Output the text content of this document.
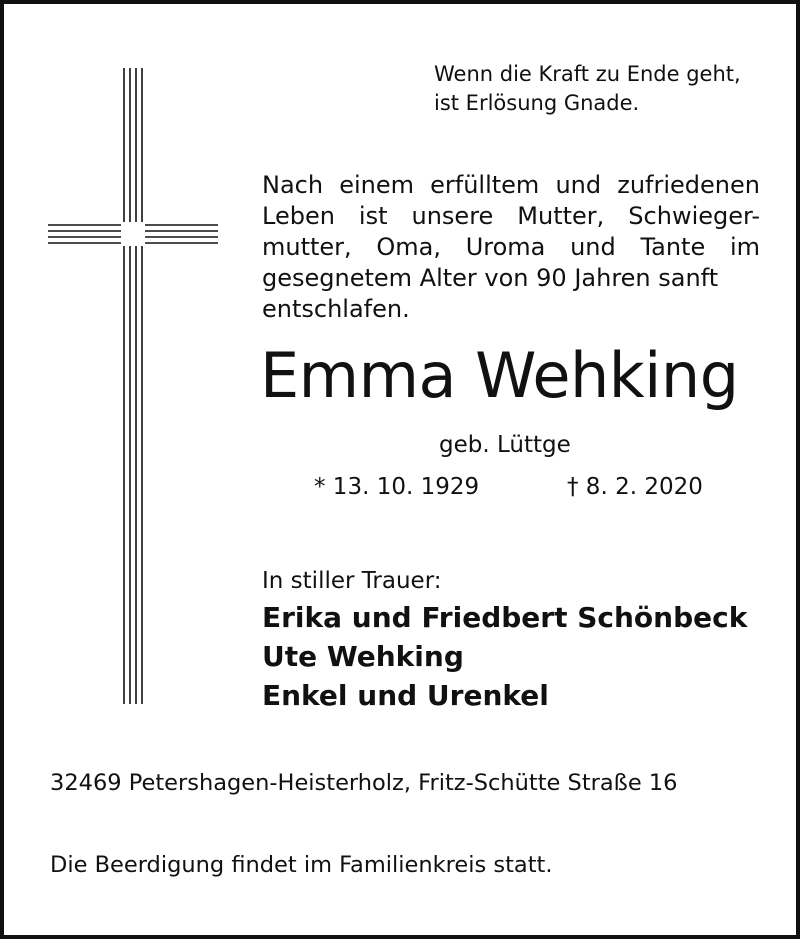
Wenn die Kraft zu Ende geht,
ist Erlösung Gnade.

Nach einem erfülltem und zufriedenen Leben ist unsere Mutter, Schwieger-mutter, Oma, Uroma und Tante im gesegnetem Alter von 90 Jahren sanft
entschlafen.

Emma Wehking
geb. Lüttge
* 13. 10. 1929	† 8. 2. 2020
In stiller Trauer:
Erika und Friedbert Schönbeck
Ute Wehking
Enkel und Urenkel
32469 Petershagen-Heisterholz, Fritz-Schütte Straße 16
Die Beerdigung findet im Familienkreis statt.
